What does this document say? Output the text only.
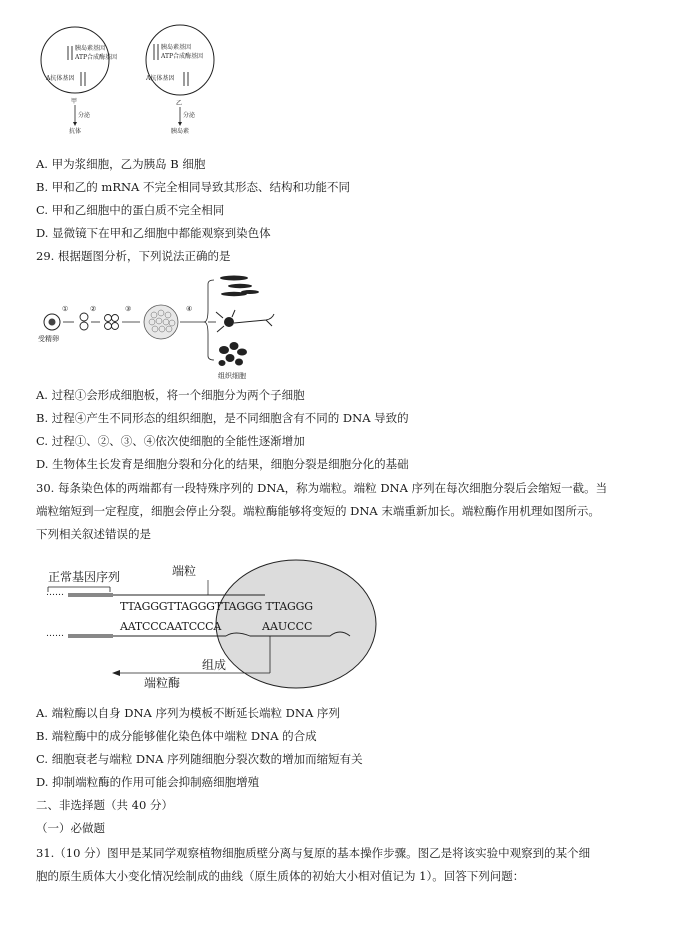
胰岛素基因
ATP合成酶基因
A抗体基因
甲
分泌
抗体
胰岛素基因
ATP合成酶基因
A抗体基因
乙
分泌
胰岛素
A. 甲为浆细胞，乙为胰岛 B 细胞
B. 甲和乙的 mRNA 不完全相同导致其形态、结构和功能不同
C. 甲和乙细胞中的蛋白质不完全相同
D. 显微镜下在甲和乙细胞中都能观察到染色体
29. 根据题图分析，下列说法正确的是
①	②	③	④
受精卵
组织细胞
A. 过程①会形成细胞板，将一个细胞分为两个子细胞
B. 过程④产生不同形态的组织细胞，是不同细胞含有不同的 DNA 导致的
C. 过程①、②、③、④依次使细胞的全能性逐渐增加
D. 生物体生长发育是细胞分裂和分化的结果，细胞分裂是细胞分化的基础
30. 每条染色体的两端都有一段特殊序列的 DNA，称为端粒。端粒 DNA 序列在每次细胞分裂后会缩短一截。当
端粒缩短到一定程度，细胞会停止分裂。端粒酶能够将变短的 DNA 末端重新加长。端粒酶作用机理如图所示。
下列相关叙述错误的是
正常基因序列	端粒
……
……
TTAGGGTTAGGGTTAGGG TTAGGG
AATCCCAATCCCA	AAUCCC
组成
端粒酶
A. 端粒酶以自身 DNA 序列为模板不断延长端粒 DNA 序列
B. 端粒酶中的成分能够催化染色体中端粒 DNA 的合成
C. 细胞衰老与端粒 DNA 序列随细胞分裂次数的增加而缩短有关
D. 抑制端粒酶的作用可能会抑制癌细胞增殖
二、非选择题（共 40 分）
（一）必做题
31.（10 分）图甲是某同学观察植物细胞质壁分离与复原的基本操作步骤。图乙是将该实验中观察到的某个细
胞的原生质体大小变化情况绘制成的曲线（原生质体的初始大小相对值记为 1）。回答下列问题：
